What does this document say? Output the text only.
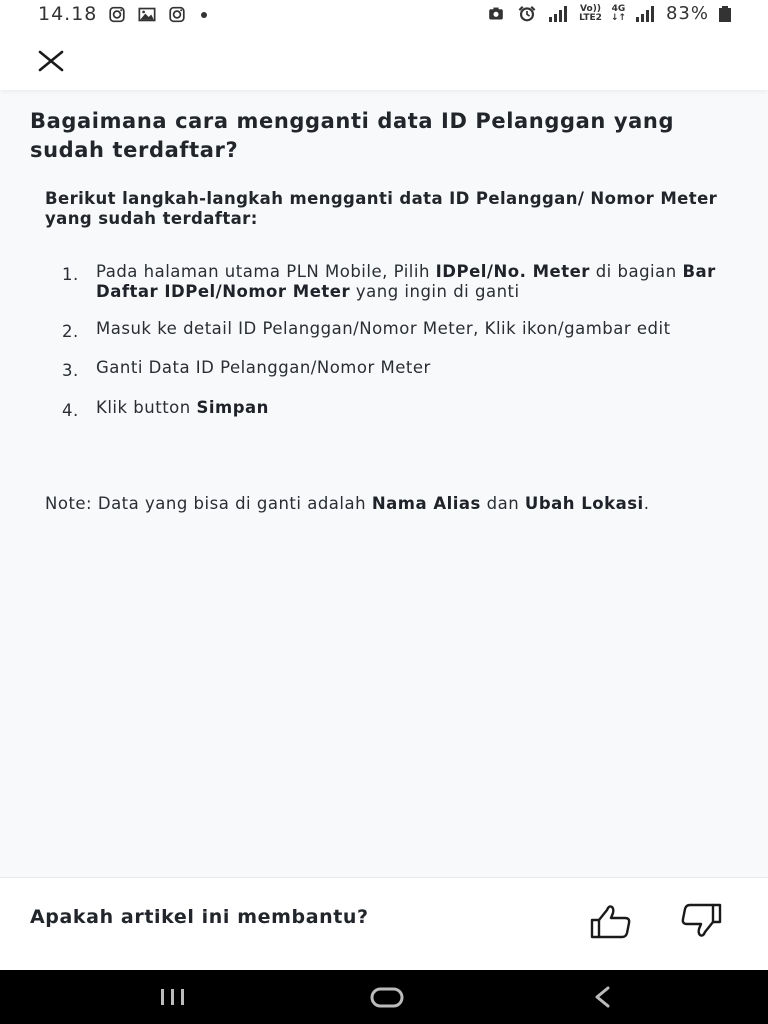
14.18	Vo))
LTE2
4G
↓↑ 83%
Bagaimana cara mengganti data ID Pelanggan yang sudah terdaftar?

Berikut langkah-langkah mengganti data ID Pelanggan/ Nomor Meter yang sudah terdaftar:

1. Pada halaman utama PLN Mobile, Pilih IDPel/No. Meter di bagian Bar Daftar IDPel/Nomor Meter yang ingin di ganti
2. Masuk ke detail ID Pelanggan/Nomor Meter, Klik ikon/gambar edit
3. Ganti Data ID Pelanggan/Nomor Meter
4. Klik button Simpan

Note: Data yang bisa di ganti adalah Nama Alias dan Ubah Lokasi.

Apakah artikel ini membantu?
